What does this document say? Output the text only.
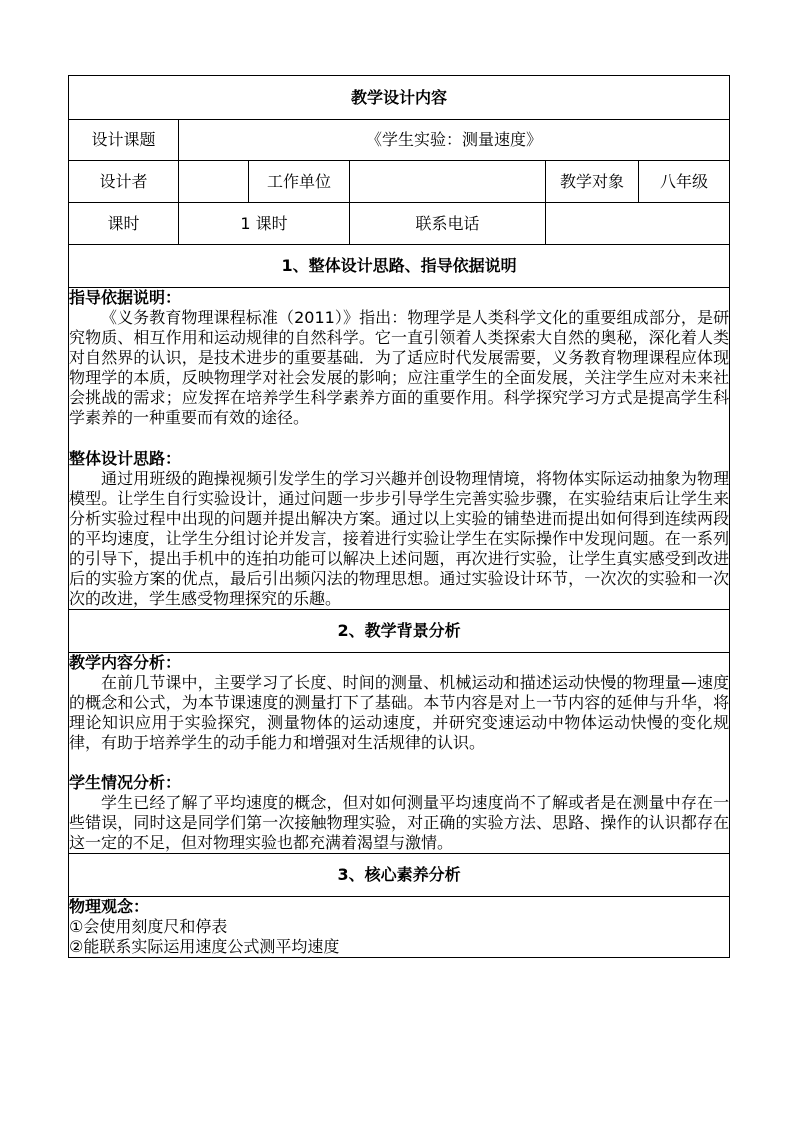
教学设计内容					
设计课题	《学生实验：测量速度》				
设计者		工作单位		教学对象	八年级
课时	1 课时		联系电话		
1、整体设计思路、指导依据说明					

指导依据说明：
《义务教育物理课程标准（2011）》指出：物理学是人类科学文化的重要组成部分，是研究物质、相互作用和运动规律的自然科学。它一直引领着人类探索大自然的奥秘，深化着人类对自然界的认识，是技术进步的重要基础．为了适应时代发展需要，义务教育物理课程应体现物理学的本质，反映物理学对社会发展的影响；应注重学生的全面发展，关注学生应对未来社会挑战的需求；应发挥在培养学生科学素养方面的重要作用。科学探究学习方式是提高学生科学素养的一种重要而有效的途径。
整体设计思路：
通过用班级的跑操视频引发学生的学习兴趣并创设物理情境，将物体实际运动抽象为物理模型。让学生自行实验设计，通过问题一步步引导学生完善实验步骤，在实验结束后让学生来分析实验过程中出现的问题并提出解决方案。通过以上实验的铺垫进而提出如何得到连续两段的平均速度，让学生分组讨论并发言，接着进行实验让学生在实际操作中发现问题。在一系列的引导下，提出手机中的连拍功能可以解决上述问题，再次进行实验，让学生真实感受到改进后的实验方案的优点，最后引出频闪法的物理思想。通过实验设计环节，一次次的实验和一次次的改进，学生感受物理探究的乐趣。					

2、教学背景分析					

教学内容分析：
在前几节课中，主要学习了长度、时间的测量、机械运动和描述运动快慢的物理量—速度的概念和公式，为本节课速度的测量打下了基础。本节内容是对上一节内容的延伸与升华，将理论知识应用于实验探究，测量物体的运动速度，并研究变速运动中物体运动快慢的变化规律，有助于培养学生的动手能力和增强对生活规律的认识。
学生情况分析：
学生已经了解了平均速度的概念，但对如何测量平均速度尚不了解或者是在测量中存在一些错误，同时这是同学们第一次接触物理实验，对正确的实验方法、思路、操作的认识都存在这一定的不足，但对物理实验也都充满着渴望与激情。					

3、核心素养分析					

物理观念：
①会使用刻度尺和停表
②能联系实际运用速度公式测平均速度					
